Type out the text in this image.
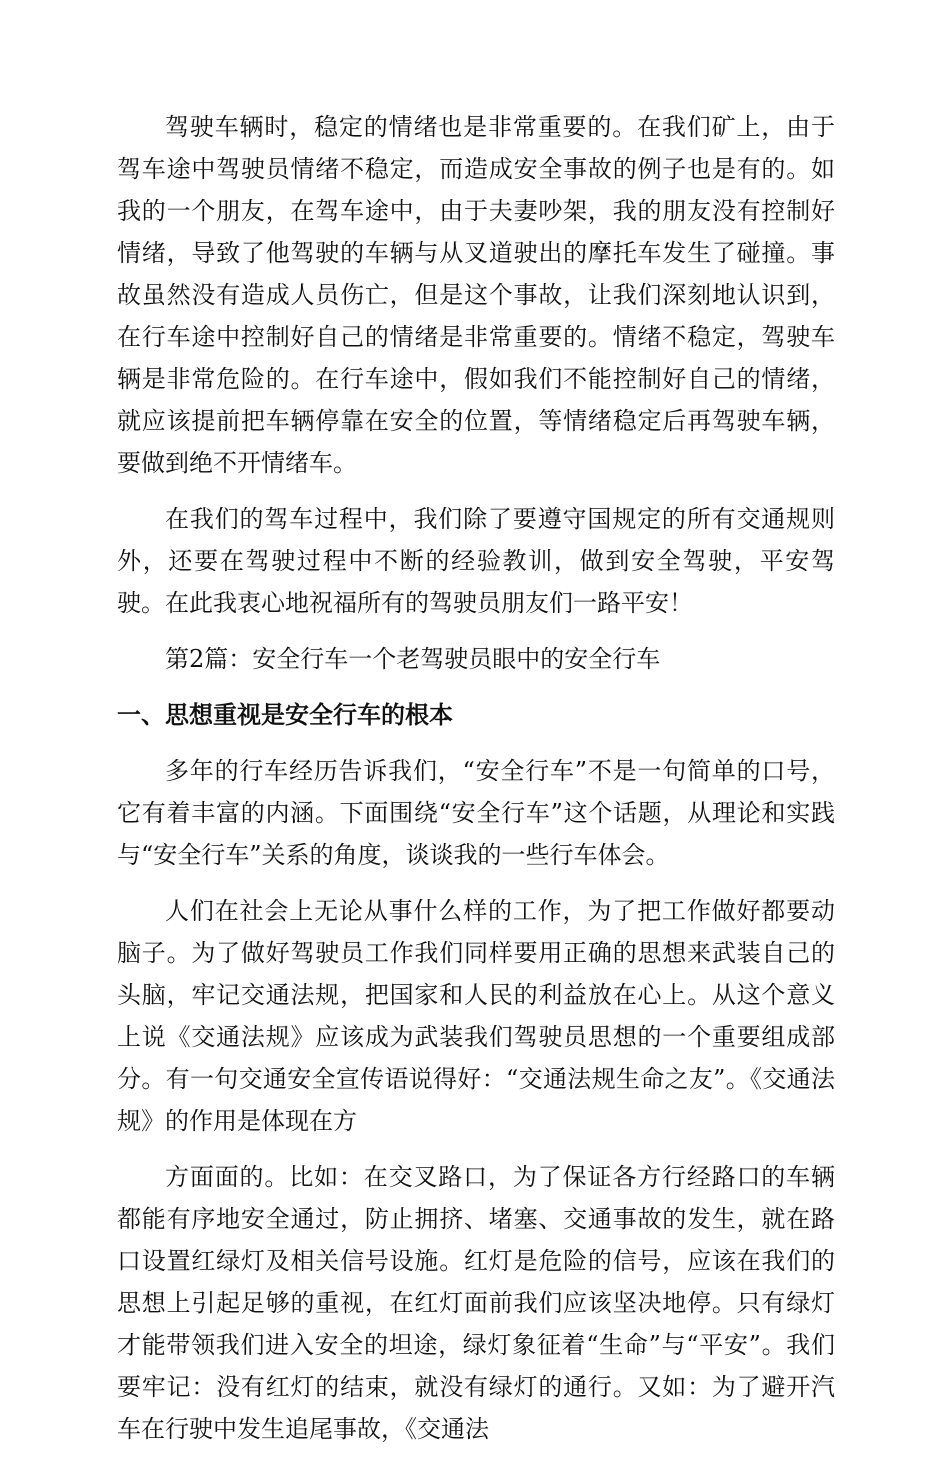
驾驶车辆时，稳定的情绪也是非常重要的。在我们矿上，由于驾车途中驾驶员情绪不稳定，而造成安全事故的例子也是有的。如我的一个朋友，在驾车途中，由于夫妻吵架，我的朋友没有控制好情绪，导致了他驾驶的车辆与从叉道驶出的摩托车发生了碰撞。事故虽然没有造成人员伤亡，但是这个事故，让我们深刻地认识到，在行车途中控制好自己的情绪是非常重要的。情绪不稳定，驾驶车辆是非常危险的。在行车途中，假如我们不能控制好自己的情绪，就应该提前把车辆停靠在安全的位置，等情绪稳定后再驾驶车辆，要做到绝不开情绪车。

在我们的驾车过程中，我们除了要遵守国规定的所有交通规则外，还要在驾驶过程中不断的经验教训，做到安全驾驶，平安驾驶。在此我衷心地祝福所有的驾驶员朋友们一路平安！

第2篇：安全行车一个老驾驶员眼中的安全行车

一、思想重视是安全行车的根本

多年的行车经历告诉我们，“安全行车”不是一句简单的口号，它有着丰富的内涵。下面围绕“安全行车”这个话题，从理论和实践与“安全行车”关系的角度，谈谈我的一些行车体会。

人们在社会上无论从事什么样的工作，为了把工作做好都要动脑子。为了做好驾驶员工作我们同样要用正确的思想来武装自己的头脑，牢记交通法规，把国家和人民的利益放在心上。从这个意义上说《交通法规》应该成为武装我们驾驶员思想的一个重要组成部分。有一句交通安全宣传语说得好：“交通法规生命之友”。《交通法规》的作用是体现在方

方面面的。比如：在交叉路口，为了保证各方行经路口的车辆都能有序地安全通过，防止拥挤、堵塞、交通事故的发生，就在路口设置红绿灯及相关信号设施。红灯是危险的信号，应该在我们的思想上引起足够的重视，在红灯面前我们应该坚决地停。只有绿灯才能带领我们进入安全的坦途，绿灯象征着“生命”与“平安”。我们要牢记：没有红灯的结束，就没有绿灯的通行。又如：为了避开汽车在行驶中发生追尾事故，《交通法
